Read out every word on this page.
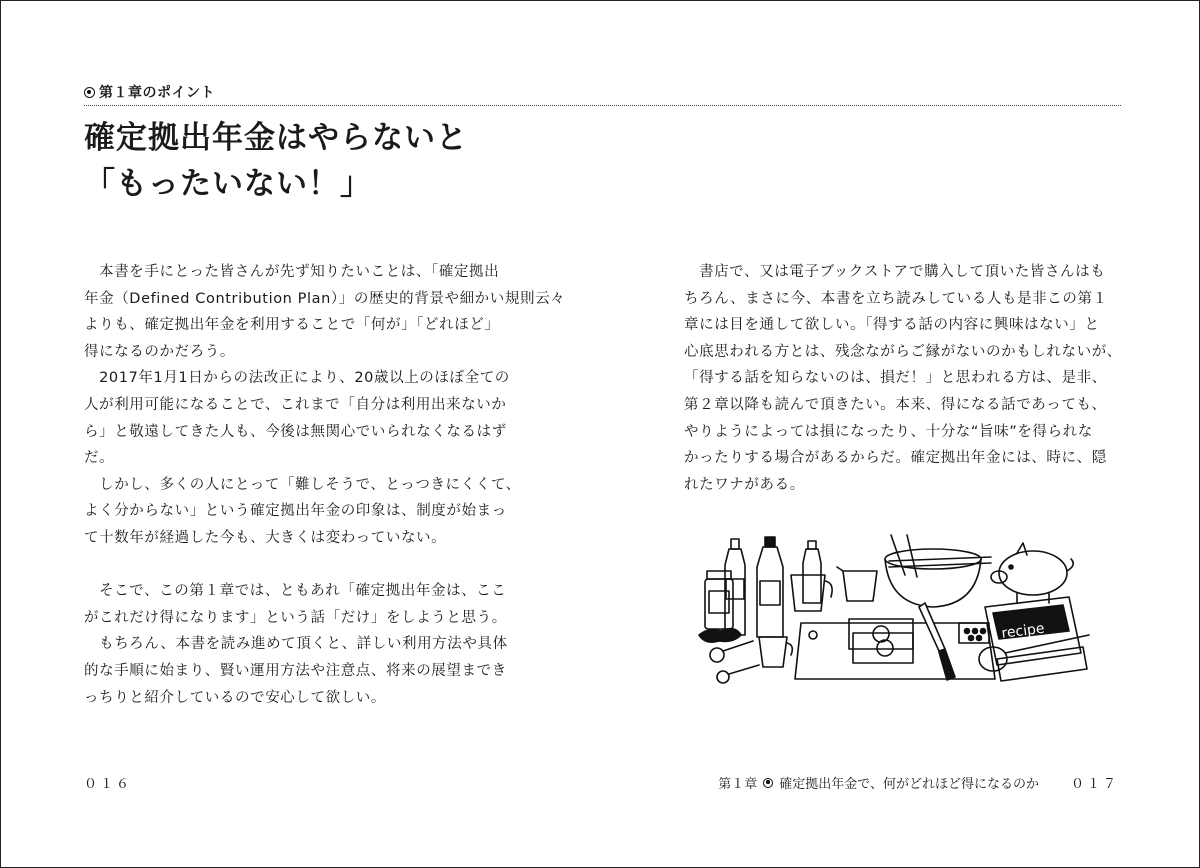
第１章のポイント
確定拠出年金はやらないと
「もったいない！」

　本書を手にとった皆さんが先ず知りたいことは、「確定拠出

年金（Defined Contribution Plan）」の歴史的背景や細かい規則云々

よりも、確定拠出年金を利用することで「何が」「どれほど」

得になるのかだろう。

　2017年1月1日からの法改正により、20歳以上のほぼ全ての

人が利用可能になることで、これまで「自分は利用出来ないか

ら」と敬遠してきた人も、今後は無関心でいられなくなるはず

だ。

　しかし、多くの人にとって「難しそうで、とっつきにくくて、

よく分からない」という確定拠出年金の印象は、制度が始まっ

て十数年が経過した今も、大きくは変わっていない。

　そこで、この第１章では、ともあれ「確定拠出年金は、ここ

がこれだけ得になります」という話「だけ」をしようと思う。

　もちろん、本書を読み進めて頂くと、詳しい利用方法や具体

的な手順に始まり、賢い運用方法や注意点、将来の展望までき

っちりと紹介しているので安心して欲しい。

　書店で、又は電子ブックストアで購入して頂いた皆さんはも

ちろん、まさに今、本書を立ち読みしている人も是非この第１

章には目を通して欲しい。「得する話の内容に興味はない」と

心底思われる方とは、残念ながらご縁がないのかもしれないが、

「得する話を知らないのは、損だ！」と思われる方は、是非、

第２章以降も読んで頂きたい。本来、得になる話であっても、

やりようによっては損になったり、十分な“旨味”を得られな

かったりする場合があるからだ。確定拠出年金には、時に、隠

れたワナがある。

recipe
０１６	第１章 確定拠出年金で、何がどれほど得になるのか ０１７
